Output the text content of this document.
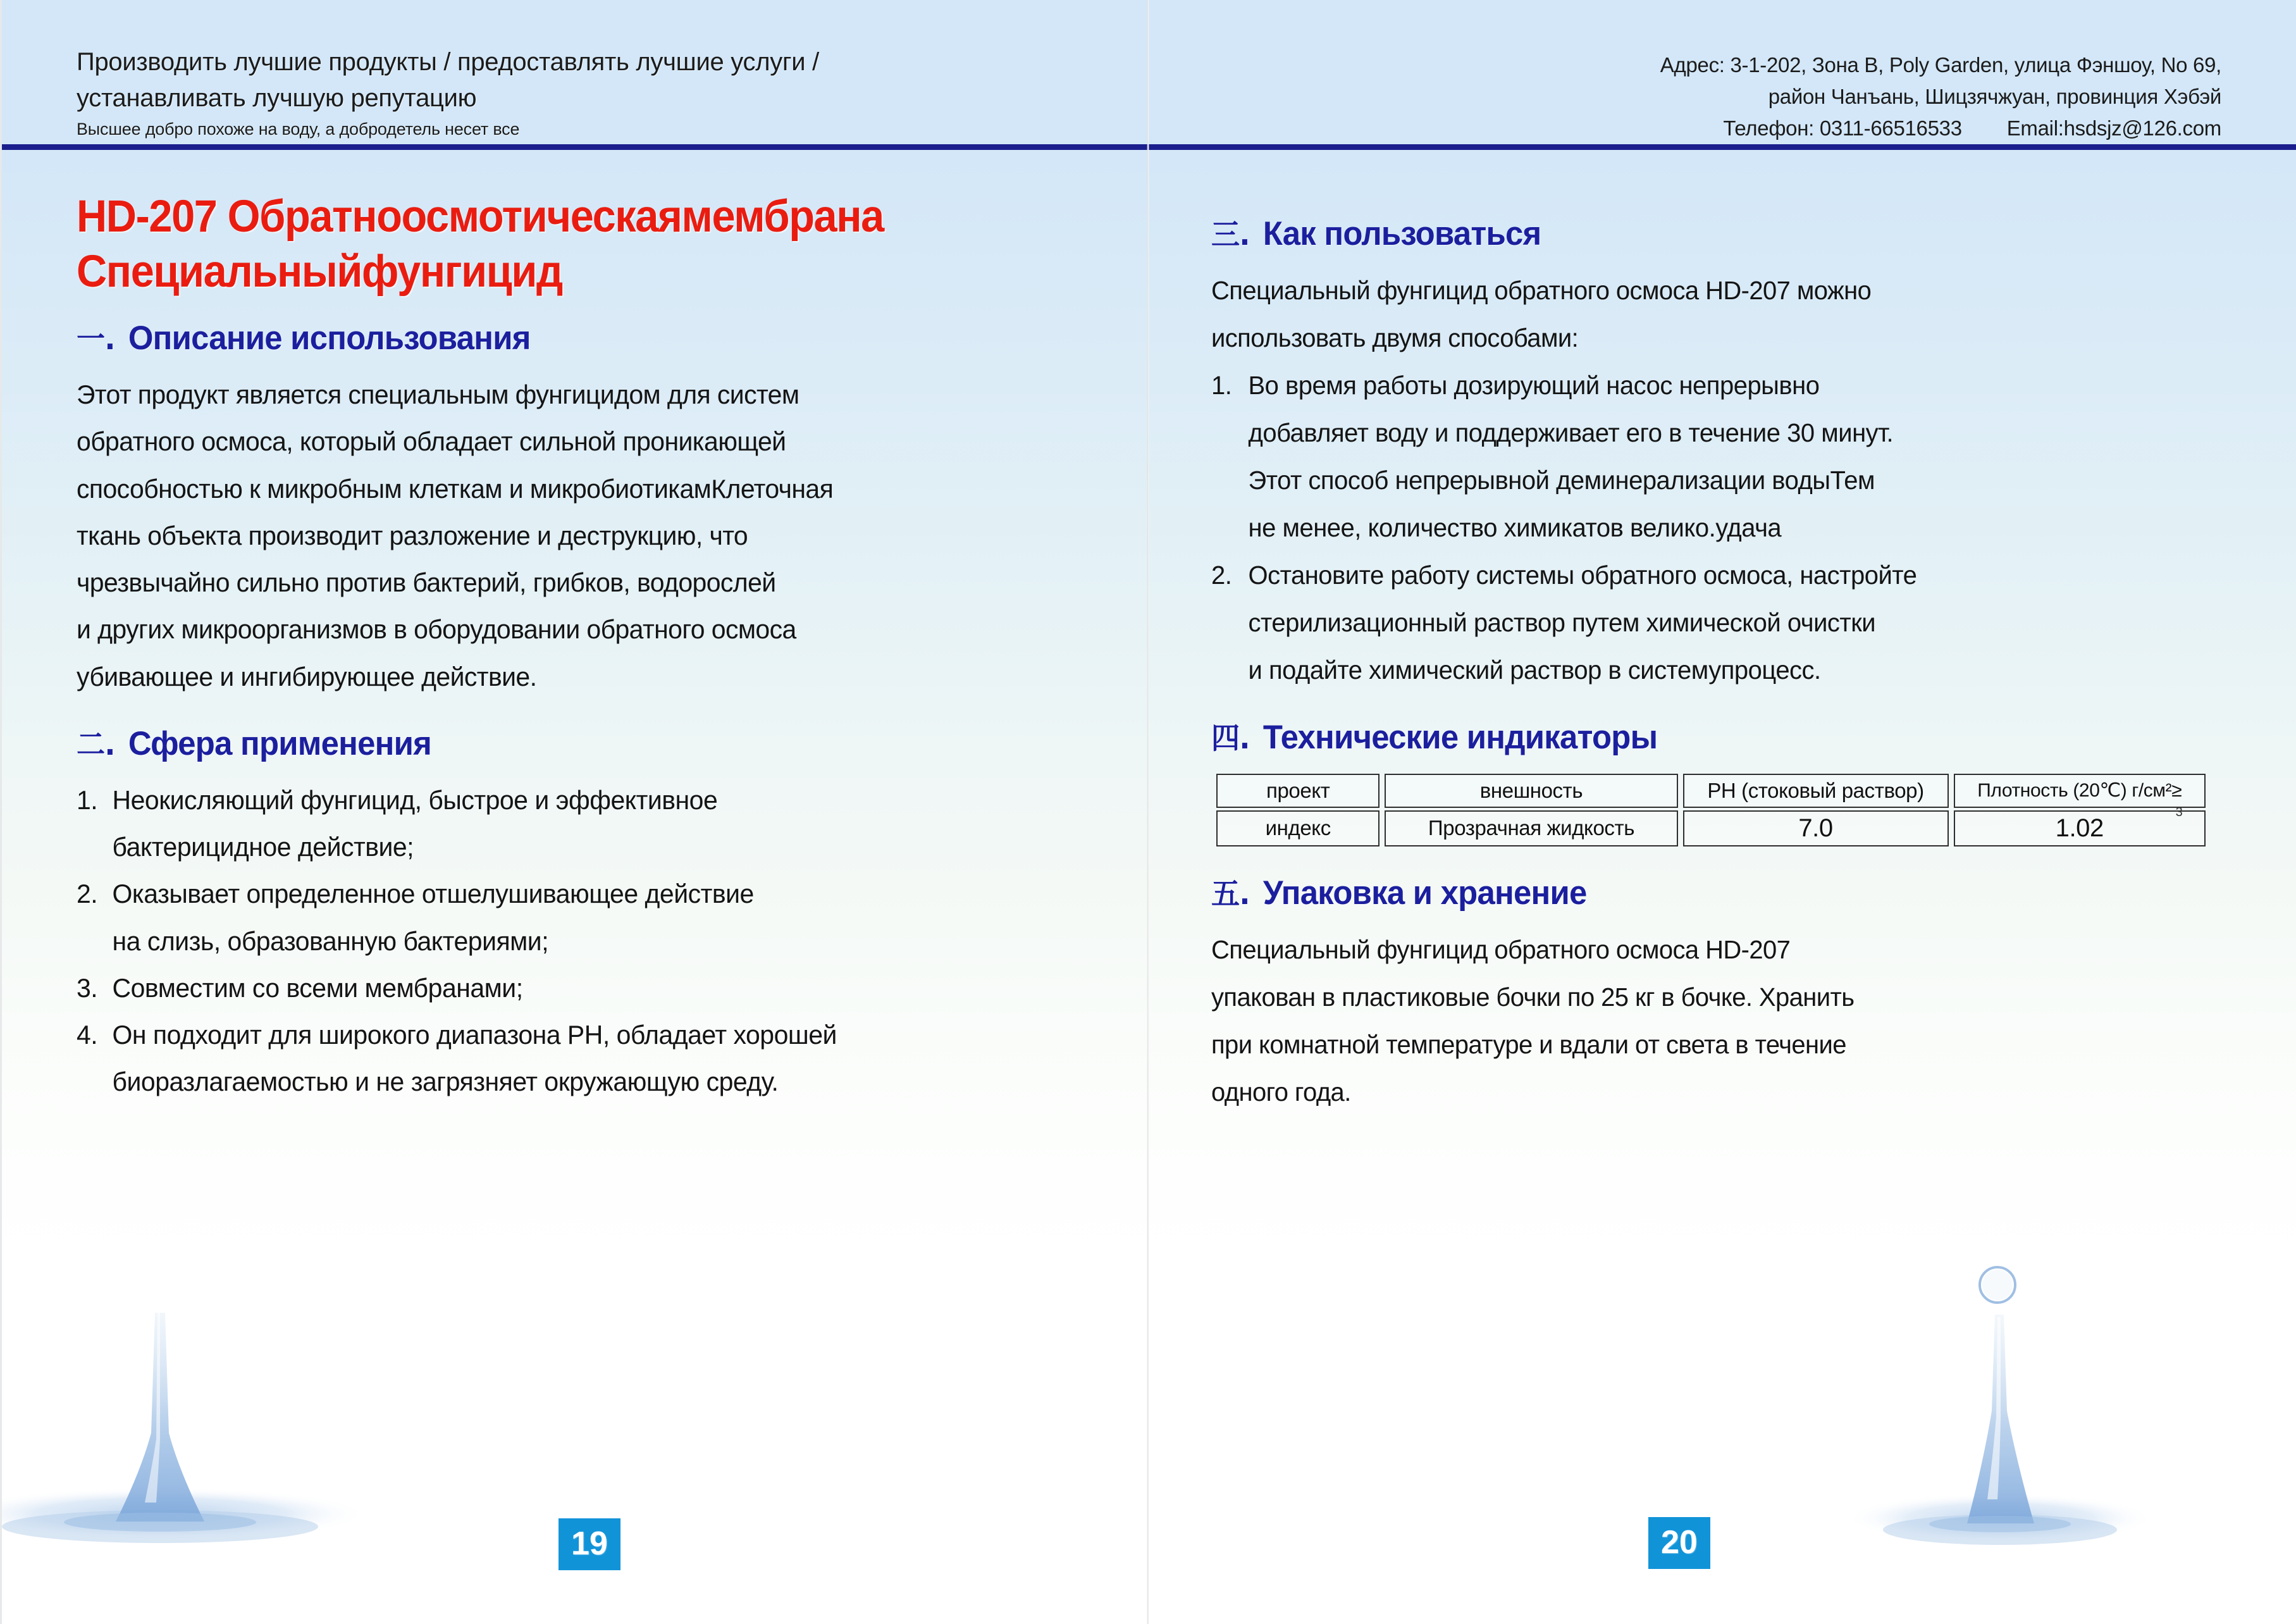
Производить лучшие продукты / предоставлять лучшие услуги /
устанавливать лучшую репутацию
Высшее добро похоже на воду, а добродетель несет все
HD-207 Обратноосмотическаямембрана
Специальныйфунгицид
一. Описание использования

Этот продукт является специальным фунгицидом для систем

обратного осмоса, который обладает сильной проникающей

способностью к микробным клеткам и микробиотикамКлеточная

ткань объекта производит разложение и деструкцию, что

чрезвычайно сильно против бактерий, грибков, водорослей

и других микроорганизмов в оборудовании обратного осмоса

убивающее и ингибирующее действие.

二. Сфера применения
1. Неокисляющий фунгицид, быстрое и эффективное
бактерицидное действие;
2. Оказывает определенное отшелушивающее действие
на слизь, образованную бактериями;
3. Совместим со всеми мембранами;
4. Он подходит для широкого диапазона PH, обладает хорошей
биоразлагаемостью и не загрязняет окружающую среду.
19
Адрес: 3-1-202, Зона В, Poly Garden, улица Фэншоу, No 69,
район Чанъань, Шицзячжуан, провинция Хэбэй
Телефон: 0311-66516533        Email:hsdsjz@126.com
三. Как пользоваться

Специальный фунгицид обратного осмоса HD-207 можно

использовать двумя способами:

1. Во время работы дозирующий насос непрерывно
добавляет воду и поддерживает его в течение 30 минут.
Этот способ непрерывной деминерализации водыТем
не менее, количество химикатов велико.удача
2. Остановите работу системы обратного осмоса, настройте
стерилизационный раствор путем химической очистки
и подайте химический раствор в системупроцесс.
四. Технические индикаторы
проект	внешность	PH (стоковый раствор)	Плотность (20℃) г/см²≥
индекс	Прозрачная жидкость	7.0	1.02
3
五. Упаковка и хранение

Специальный фунгицид обратного осмоса HD-207

упакован в пластиковые бочки по 25 кг в бочке. Хранить

при комнатной температуре и вдали от света в течение

одного года.

20
